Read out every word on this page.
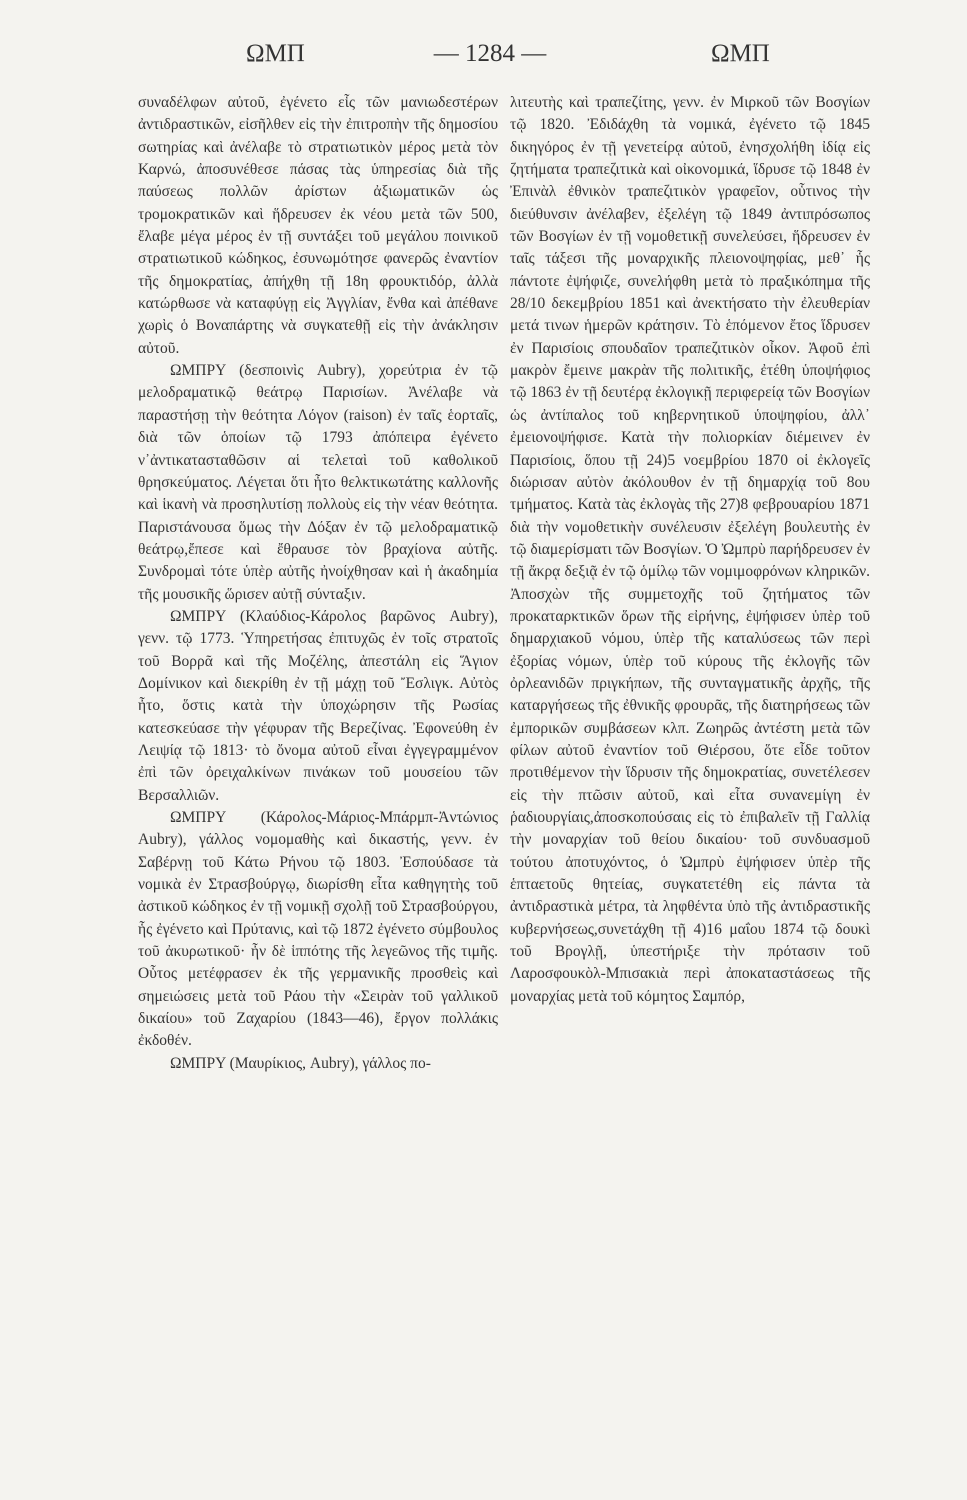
ΩΜΠ	— 1284 —	ΩΜΠ

συναδέλφων αὐτοῦ, ἐγένετο εἷς τῶν μανιωδεστέρων ἀντιδραστικῶν, εἰσῆλθεν εἰς τὴν ἐπιτροπὴν τῆς δημοσίου σωτηρίας καὶ ἀνέλαβε τὸ στρατιωτικὸν μέρος μετὰ τὸν Καρνώ, ἀποσυνέθεσε πάσας τὰς ὑπηρεσίας διὰ τῆς παύσεως πολλῶν ἀρίστων ἀξιωματικῶν ὡς τρομοκρατικῶν καὶ ἥδρευσεν ἐκ νέου μετὰ τῶν 500, ἔλαβε μέγα μέρος ἐν τῇ συντάξει τοῦ μεγάλου ποινικοῦ στρατιωτικοῦ κώδηκος, ἐσυνωμότησε φανερῶς ἐναντίον τῆς δημοκρατίας, ἀπήχθη τῇ 18η φρουκτιδόρ, ἀλλὰ κατώρθωσε νὰ καταφύγῃ εἰς Ἀγγλίαν, ἔνθα καὶ ἀπέθανε χωρὶς ὁ Βοναπάρτης νὰ συγκατεθῇ εἰς τὴν ἀνάκλησιν αὐτοῦ.

ΩΜΠΡΥ (δεσποινὶς Aubry), χορεύτρια ἐν τῷ μελοδραματικῷ θεάτρῳ Παρισίων. Ἀνέλαβε νὰ παραστήσῃ τὴν θεότητα Λόγον (raison) ἐν ταῖς ἑορταῖς, διὰ τῶν ὁποίων τῷ 1793 ἀπόπειρα ἐγένετο ν᾽ἀντικατασταθῶσιν αἱ τελεταὶ τοῦ καθολικοῦ θρησκεύματος. Λέγεται ὅτι ἦτο θελκτικωτάτης καλλονῆς καὶ ἱκανὴ νὰ προσηλυτίσῃ πολλοὺς εἰς τὴν νέαν θεότητα. Παριστάνουσα ὅμως τὴν Δόξαν ἐν τῷ μελοδραματικῷ θεάτρῳ,ἔπεσε καὶ ἔθραυσε τὸν βραχίονα αὐτῆς. Συνδρομαὶ τότε ὑπὲρ αὐτῆς ἠνοίχθησαν καὶ ἡ ἀκαδημία τῆς μουσικῆς ὥρισεν αὐτῇ σύνταξιν.

ΩΜΠΡΥ (Κλαύδιος-Κάρολος βαρῶνος Aubry), γενν. τῷ 1773. Ὑπηρετήσας ἐπιτυχῶς ἐν τοῖς στρατοῖς τοῦ Βορρᾶ καὶ τῆς Μοζέλης, ἀπεστάλη εἰς Ἅγιον Δομίνικον καὶ διεκρίθη ἐν τῇ μάχῃ τοῦ Ἔσλιγκ. Αὐτὸς ἦτο, ὅστις κατὰ τὴν ὑποχώρησιν τῆς Ρωσίας κατεσκεύασε τὴν γέφυραν τῆς Βερεζίνας. Ἐφονεύθη ἐν Λειψίᾳ τῷ 1813· τὸ ὄνομα αὐτοῦ εἶναι ἐγγεγραμμένον ἐπὶ τῶν ὀρειχαλκίνων πινάκων τοῦ μουσείου τῶν Βερσαλλιῶν.

ΩΜΠΡΥ (Κάρολος-Μάριος-Μπάρμπ-Ἀντώνιος Aubry), γάλλος νομομαθὴς καὶ δικαστής, γενν. ἐν Σαβέρνῃ τοῦ Κάτω Ρήνου τῷ 1803. Ἐσπούδασε τὰ νομικὰ ἐν Στρασβούργῳ, διωρίσθη εἶτα καθηγητὴς τοῦ ἀστικοῦ κώδηκος ἐν τῇ νομικῇ σχολῇ τοῦ Στρασβούργου, ἧς ἐγένετο καὶ Πρύτανις, καὶ τῷ 1872 ἐγένετο σύμβουλος τοῦ ἀκυρωτικοῦ· ἦν δὲ ἱππότης τῆς λεγεῶνος τῆς τιμῆς. Οὗτος μετέφρασεν ἐκ τῆς γερμανικῆς προσθεὶς καὶ σημειώσεις μετὰ τοῦ Ράου τὴν «Σειρὰν τοῦ γαλλικοῦ δικαίου» τοῦ Ζαχαρίου (1843—46), ἔργον πολλάκις ἐκδοθέν.

ΩΜΠΡΥ (Μαυρίκιος, Aubry), γάλλος πο-

λιτευτὴς καὶ τραπεζίτης, γενν. ἐν Μιρκοῦ τῶν Βοσγίων τῷ 1820. Ἐδιδάχθη τὰ νομικά, ἐγένετο τῷ 1845 δικηγόρος ἐν τῇ γενετείρᾳ αὐτοῦ, ἐνησχολήθη ἰδίᾳ εἰς ζητήματα τραπεζιτικὰ καὶ οἰκονομικά, ἵδρυσε τῷ 1848 ἐν Ἐπινὰλ ἐθνικὸν τραπεζιτικὸν γραφεῖον, οὗτινος τὴν διεύθυνσιν ἀνέλαβεν, ἐξελέγη τῷ 1849 ἀντιπρόσωπος τῶν Βοσγίων ἐν τῇ νομοθετικῇ συνελεύσει, ἥδρευσεν ἐν ταῖς τάξεσι τῆς μοναρχικῆς πλειονοψηφίας, μεθ᾽ ἧς πάντοτε ἐψήφιζε, συνελήφθη μετὰ τὸ πραξικόπημα τῆς 28/10 δεκεμβρίου 1851 καὶ ἀνεκτήσατο τὴν ἐλευθερίαν μετά τινων ἡμερῶν κράτησιν. Τὸ ἑπόμενον ἔτος ἵδρυσεν ἐν Παρισίοις σπουδαῖον τραπεζιτικὸν οἶκον. Ἀφοῦ ἐπὶ μακρὸν ἔμεινε μακρὰν τῆς πολιτικῆς, ἐτέθη ὑποψήφιος τῷ 1863 ἐν τῇ δευτέρᾳ ἐκλογικῇ περιφερείᾳ τῶν Βοσγίων ὡς ἀντίπαλος τοῦ κηβερνητικοῦ ὑποψηφίου, ἀλλ᾽ ἐμειονοψήφισε. Κατὰ τὴν πολιορκίαν διέμεινεν ἐν Παρισίοις, ὅπου τῇ 24)5 νοεμβρίου 1870 οἱ ἐκλογεῖς διώρισαν αὐτὸν ἀκόλουθον ἐν τῇ δημαρχίᾳ τοῦ 8ου τμήματος. Κατὰ τὰς ἐκλογὰς τῆς 27)8 φεβρουαρίου 1871 διὰ τὴν νομοθετικὴν συνέλευσιν ἐξελέγη βουλευτὴς ἐν τῷ διαμερίσματι τῶν Βοσγίων. Ὁ Ὠμπρὺ παρήδρευσεν ἐν τῇ ἄκρᾳ δεξιᾷ ἐν τῷ ὁμίλῳ τῶν νομιμοφρόνων κληρικῶν. Ἀποσχὼν τῆς συμμετοχῆς τοῦ ζητήματος τῶν προκαταρκτικῶν ὅρων τῆς εἰρήνης, ἐψήφισεν ὑπὲρ τοῦ δημαρχιακοῦ νόμου, ὑπὲρ τῆς καταλύσεως τῶν περὶ ἐξορίας νόμων, ὑπὲρ τοῦ κύρους τῆς ἐκλογῆς τῶν ὀρλεανιδῶν πριγκήπων, τῆς συνταγματικῆς ἀρχῆς, τῆς καταργήσεως τῆς ἐθνικῆς φρουρᾶς, τῆς διατηρήσεως τῶν ἐμπορικῶν συμβάσεων κλπ. Ζωηρῶς ἀντέστη μετὰ τῶν φίλων αὐτοῦ ἐναντίον τοῦ Θιέρσου, ὅτε εἶδε τοῦτον προτιθέμενον τὴν ἵδρυσιν τῆς δημοκρατίας, συνετέλεσεν εἰς τὴν πτῶσιν αὐτοῦ, καὶ εἶτα συνανεμίγη ἐν ῥαδιουργίαις,ἀποσκοπούσαις εἰς τὸ ἐπιβαλεῖν τῇ Γαλλίᾳ τὴν μοναρχίαν τοῦ θείου δικαίου· τοῦ συνδυασμοῦ τούτου ἀποτυχόντος, ὁ Ὠμπρὺ ἐψήφισεν ὑπὲρ τῆς ἑπταετοῦς θητείας, συγκατετέθη εἰς πάντα τὰ ἀντιδραστικὰ μέτρα, τὰ ληφθέντα ὑπὸ τῆς ἀντιδραστικῆς κυβερνήσεως,συνετάχθη τῇ 4)16 μαΐου 1874 τῷ δουκὶ τοῦ Βρογλῇ, ὑπεστήριξε τὴν πρότασιν τοῦ Λαροσφουκὸλ-Μπισακιὰ περὶ ἀποκαταστάσεως τῆς μοναρχίας μετὰ τοῦ κόμητος Σαμπόρ,
